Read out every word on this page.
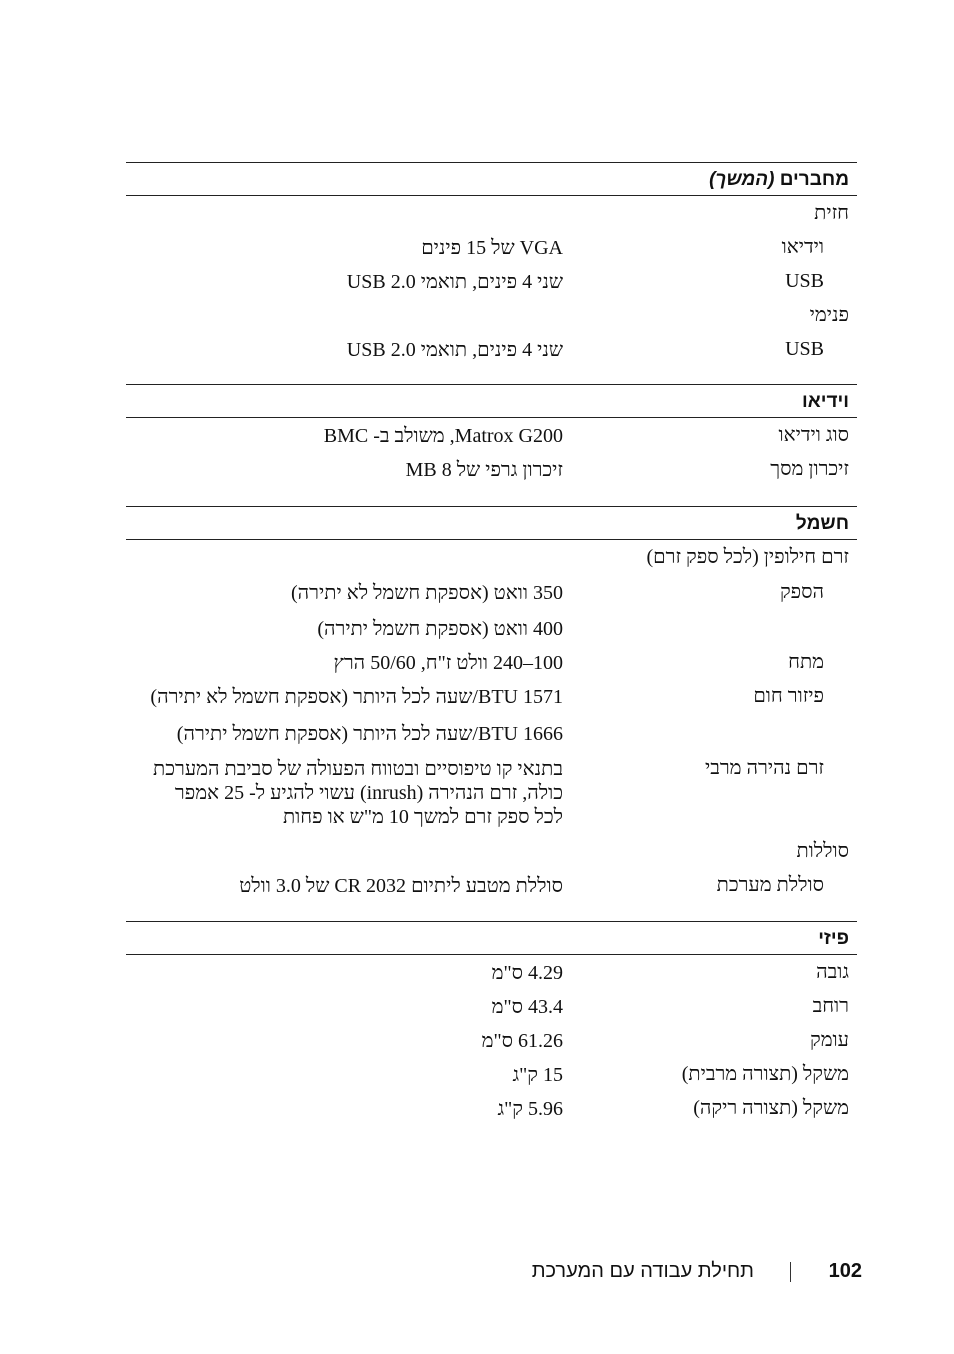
מחברים (המשך)
חזית
וידיאו
VGA של 15 פינים
USB
שני 4 פינים, תואמי USB 2.0
פנימי
USB
שני 4 פינים, תואמי USB 2.0
וידיאו
סוג וידיאו
Matrox G200, משולב ב- BMC
זיכרון מסך
זיכרון גרפי של 8 MB
חשמל
זרם חילופין (לכל ספק זרם)
הספק
350 וואט (אספקת חשמל לא יתירה)
400 וואט (אספקת חשמל יתירה)
מתח
100–240 וולט ז"ח, 50/60 הרץ
פיזור חום
1571 BTU/שעה לכל היותר (אספקת חשמל לא יתירה)
1666 BTU/שעה לכל היותר (אספקת חשמל יתירה)
זרם נהירה מרבי
בתנאי קו טיפוסיים ובטווח הפעולה של סביבת המערכת
כולה, זרם הנהירה (inrush) עשוי להגיע ל- 25 אמפר
לכל ספק זרם למשך 10 מ"ש או פחות
סוללות
סוללת מערכת
סוללת מטבע ליתיום CR 2032 של 3.0 וולט
פיזי
גובה
4.29 ס"מ
רוחב
43.4 ס"מ
עומק
61.26 ס"מ
משקל (תצורה מרבית)
15 ק"ג
משקל (תצורה ריקה)
5.96 ק"ג
תחילת עבודה עם המערכת	102
